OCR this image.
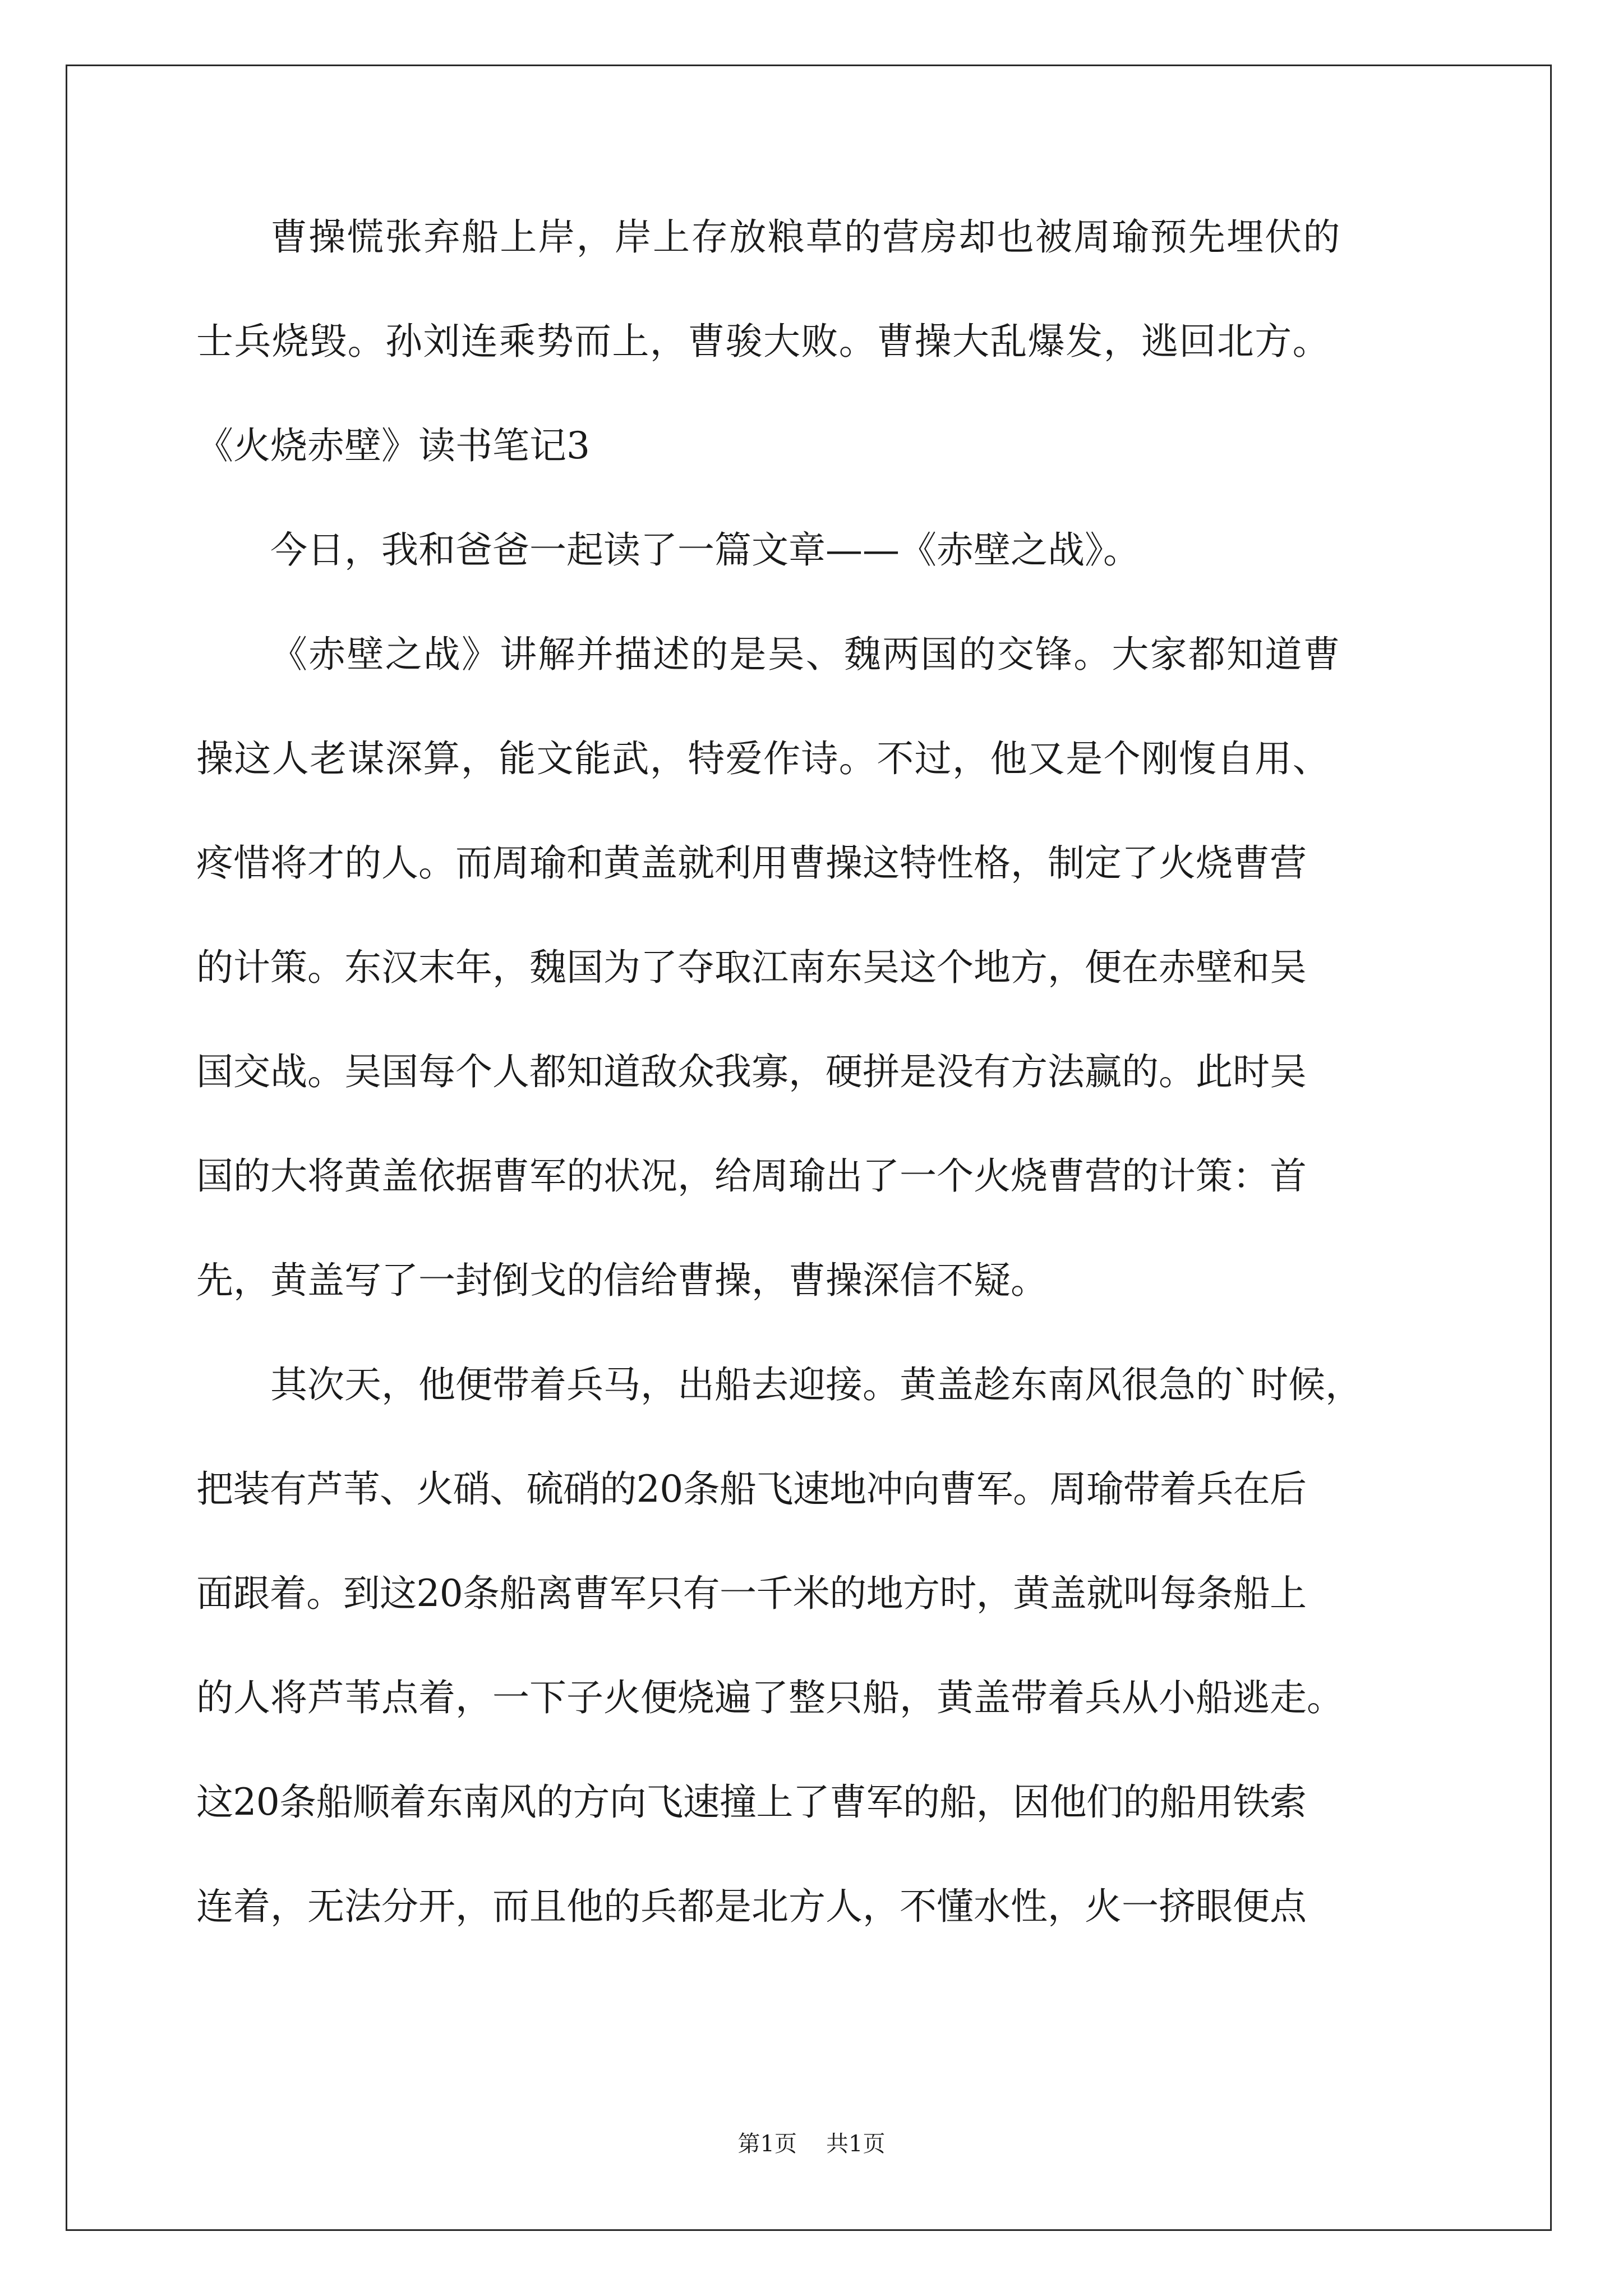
曹操慌张弃船上岸，岸上存放粮草的营房却也被周瑜预先埋伏的
士兵烧毁。孙刘连乘势而上，曹骏大败。曹操大乱爆发，逃回北方。
《火烧赤壁》读书笔记3
今日，我和爸爸一起读了一篇文章——《赤壁之战》。
《赤壁之战》讲解并描述的是吴、魏两国的交锋。大家都知道曹
操这人老谋深算，能文能武，特爱作诗。不过，他又是个刚愎自用、
疼惜将才的人。而周瑜和黄盖就利用曹操这特性格，制定了火烧曹营
的计策。东汉末年，魏国为了夺取江南东吴这个地方，便在赤壁和吴
国交战。吴国每个人都知道敌众我寡，硬拼是没有方法赢的。此时吴
国的大将黄盖依据曹军的状况，给周瑜出了一个火烧曹营的计策：首
先，黄盖写了一封倒戈的信给曹操，曹操深信不疑。
其次天，他便带着兵马，出船去迎接。黄盖趁东南风很急的`时候，
把装有芦苇、火硝、硫硝的20条船飞速地冲向曹军。周瑜带着兵在后
面跟着。到这20条船离曹军只有一千米的地方时，黄盖就叫每条船上
的人将芦苇点着，一下子火便烧遍了整只船，黄盖带着兵从小船逃走。
这20条船顺着东南风的方向飞速撞上了曹军的船，因他们的船用铁索
连着，无法分开，而且他的兵都是北方人，不懂水性，火一挤眼便点
第1页 共1页
